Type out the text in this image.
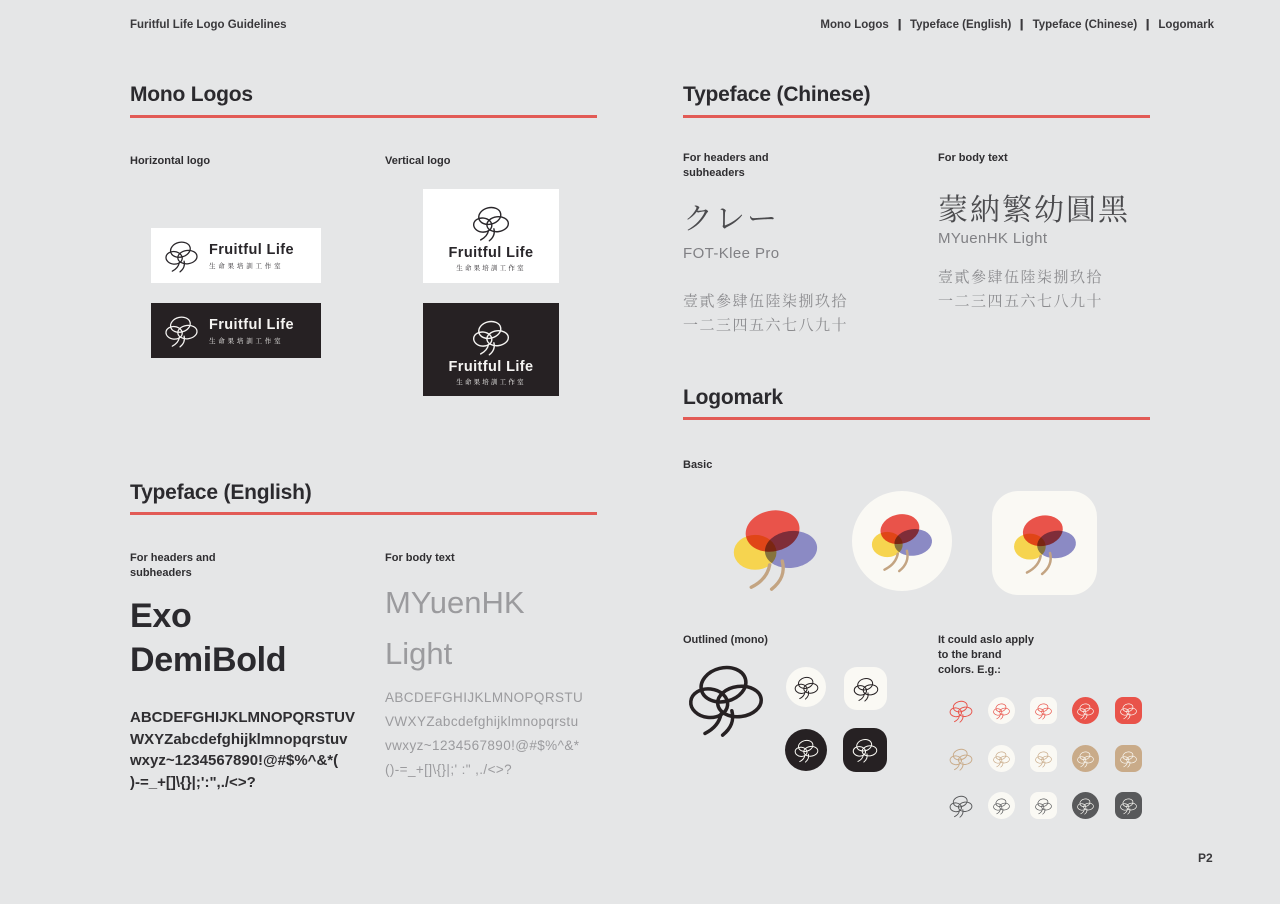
Furitful Life Logo Guidelines	Mono Logos | Typeface (English) | Typeface (Chinese) | Logomark
Mono Logos
Horizontal logo	Vertical logo
Fruitful Life
生命果培訓工作室
Fruitful Life
生命果培訓工作室
Fruitful Life
生命果培訓工作室
Fruitful Life
生命果培訓工作室
Typeface (English)
For headers and
subheaders
For body text
Exo
DemiBold
ABCDEFGHIJKLMNOPQRSTUV
WXYZabcdefghijklmnopqrstuv
wxyz~1234567890!@#$%^&*(
)-=_+[]\{}|;':",./<>?
MYuenHK
Light
ABCDEFGHIJKLMNOPQRSTU
VWXYZabcdefghijklmnopqrstu
vwxyz~1234567890!@#$%^&*
()-=_+[]\{}|;' :" ,./<>?
Typeface (Chinese)
For headers and
subheaders
For body text
クレー
FOT-Klee Pro
壹貳參肆伍陸柒捌玖拾
一二三四五六七八九十
蒙納繁幼圓黑
MYuenHK Light
壹貳參肆伍陸柒捌玖拾
一二三四五六七八九十
Logomark
Basic
Outlined (mono)	It could aslo apply
to the brand
colors. E.g.:
P2
